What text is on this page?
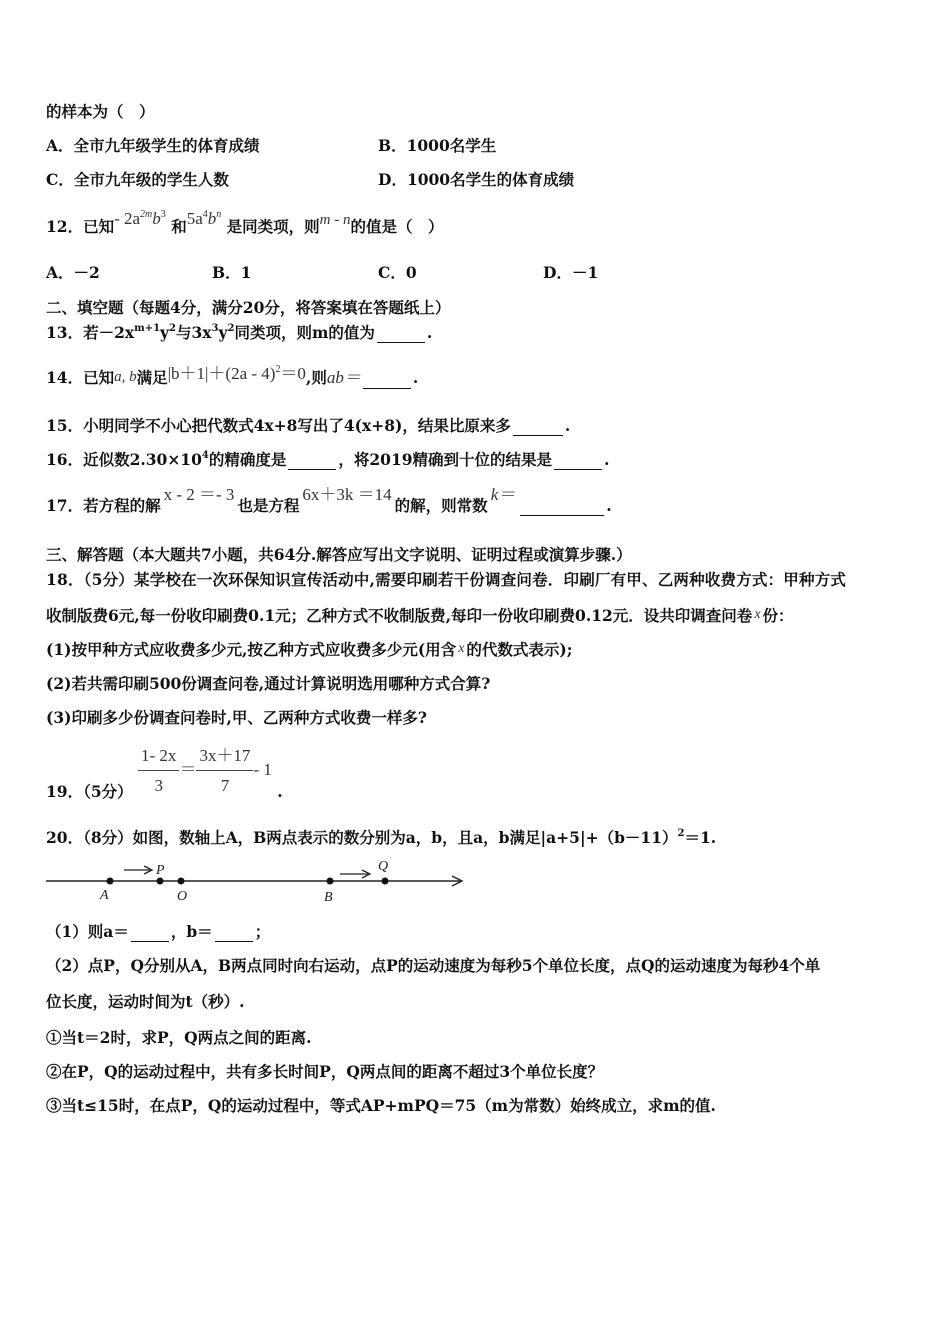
的样本为（　）
A．全市九年级学生的体育成绩	B．1000名学生
C．全市九年级的学生人数	D．1000名学生的体育成绩
12．已知- $2a^{2m}b^3$ 和$5a^4b^n$ 是同类项，则m - n的值是（　）
A．－2	B．1	C．0	D．－1
二、填空题（每题4分，满分20分，将答案填在答题纸上）
13．若$-2x^{m+1}y^2$与$3x^3y^2$同类项，则m的值为	.
14．已知a, b满足|b＋1|＋(2a - 4)$^2$＝0,则ab＝	.
15．小明同学不小心把代数式4x+8写出了4(x+8)，结果比原来多	.
16．近似数$2.30\times 10^4$的精确度是	，将2019精确到十位的结果是	.
17．若方程的解x - 2 ＝- 3也是方程6x＋3k ＝14的解，则常数k＝.
三、解答题（本大题共7小题，共64分.解答应写出文字说明、证明过程或演算步骤.）
18．（5分）某学校在一次环保知识宣传活动中,需要印刷若干份调查问卷．印刷厂有甲、乙两种收费方式：甲种方式
收制版费6元,每一份收印刷费0.1元；乙种方式不收制版费,每印一份收印刷费0.12元．设共印调查问卷 x 份：
(1)按甲种方式应收费多少元,按乙种方式应收费多少元(用含 x 的代数式表示);
(2)若共需印刷500份调查问卷,通过计算说明选用哪种方式合算?
(3)印刷多少份调查问卷时,甲、乙两种方式收费一样多?
19．（5分） $\frac{1- 2x}{3} = \frac{3x+17}{7} - 1$ .
20．（8分）如图，数轴上A，B两点表示的数分别为a，b，且a，b满足$|a+5|+(b-11)^2=1$.
A
P
O	B
Q
（1）则a＝	，b＝	；
（2）点P，Q分别从A，B两点同时向右运动，点P的运动速度为每秒5个单位长度，点Q的运动速度为每秒4个单
位长度，运动时间为t（秒）.
①当t＝2时，求P，Q两点之间的距离.
②在P，Q的运动过程中，共有多长时间P，Q两点间的距离不超过3个单位长度？
③当t≤15时，在点P，Q的运动过程中，等式AP+mPQ＝75（m为常数）始终成立，求m的值.
